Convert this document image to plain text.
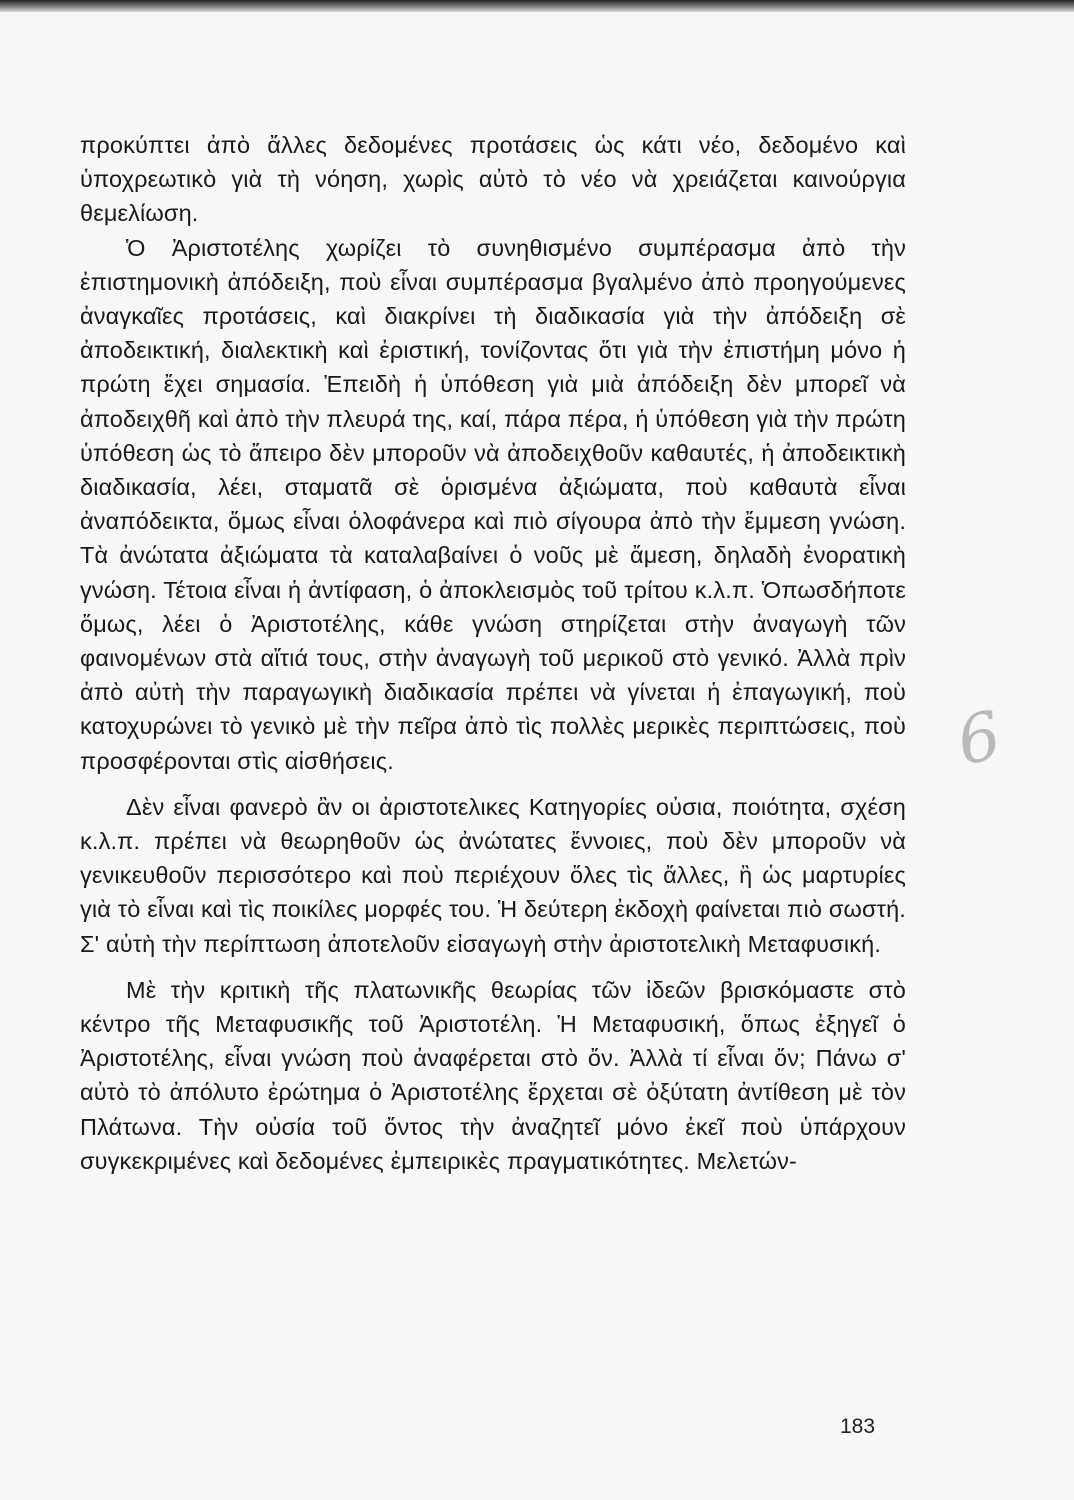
προκύπτει ἀπὸ ἄλλες δεδομένες προτάσεις ὡς κάτι νέο, δεδομένο καὶ ὑποχρεωτικὸ γιὰ τὴ νόηση, χωρὶς αὐτὸ τὸ νέο νὰ χρειάζεται καινούργια θεμελίωση.

Ὁ Ἀριστοτέλης χωρίζει τὸ συνηθισμένο συμπέρασμα ἀπὸ τὴν ἐπιστημονικὴ ἀπόδειξη, ποὺ εἶναι συμπέρασμα βγαλμένο ἀπὸ προηγούμενες ἀναγκαῖες προτάσεις, καὶ διακρίνει τὴ διαδικασία γιὰ τὴν ἀπόδειξη σὲ ἀποδεικτική, διαλεκτικὴ καὶ ἐριστική, τονίζοντας ὅτι γιὰ τὴν ἐπιστήμη μόνο ἡ πρώτη ἔχει σημασία. Ἐπειδὴ ἡ ὑπόθεση γιὰ μιὰ ἀπόδειξη δὲν μπορεῖ νὰ ἀποδειχθῆ καὶ ἀπὸ τὴν πλευρά της, καί, πάρα πέρα, ἡ ὑπόθεση γιὰ τὴν πρώτη ὑπόθεση ὡς τὸ ἄπειρο δὲν μποροῦν νὰ ἀποδειχθοῦν καθαυτές, ἡ ἀποδεικτικὴ διαδικασία, λέει, σταματᾶ σὲ ὁρισμένα ἀξιώματα, ποὺ καθαυτὰ εἶναι ἀναπόδεικτα, ὅμως εἶναι ὁλοφάνερα καὶ πιὸ σίγουρα ἀπὸ τὴν ἔμμεση γνώση. Τὰ ἀνώτατα ἀξιώματα τὰ καταλαβαίνει ὁ νοῦς μὲ ἄμεση, δηλαδὴ ἐνορατικὴ γνώση. Τέτοια εἶναι ἡ ἀντίφαση, ὁ ἀποκλεισμὸς τοῦ τρίτου κ.λ.π. Ὁπωσδήποτε ὅμως, λέει ὁ Ἀριστοτέλης, κάθε γνώση στηρίζεται στὴν ἀναγωγὴ τῶν φαινομένων στὰ αἴτιά τους, στὴν ἀναγωγὴ τοῦ μερικοῦ στὸ γενικό. Ἀλλὰ πρὶν ἀπὸ αὐτὴ τὴν παραγωγικὴ διαδικασία πρέπει νὰ γίνεται ἡ ἐπαγωγική, ποὺ κατοχυρώνει τὸ γενικὸ μὲ τὴν πεῖρα ἀπὸ τὶς πολλὲς μερικὲς περιπτώσεις, ποὺ προσφέρονται στὶς αἰσθήσεις.

Δὲν εἶναι φανερὸ ἂν οι ἀριστοτελικες Κατηγορίες οὐσια, ποιότητα, σχέση κ.λ.π. πρέπει νὰ θεωρηθοῦν ὡς ἀνώτατες ἔννοιες, ποὺ δὲν μποροῦν νὰ γενικευθοῦν περισσότερο καὶ ποὺ περιέχουν ὅλες τὶς ἄλλες, ἢ ὡς μαρτυρίες γιὰ τὸ εἶναι καὶ τὶς ποικίλες μορφές του. Ἡ δεύτερη ἐκδοχὴ φαίνεται πιὸ σωστή. Σ' αὐτὴ τὴν περίπτωση ἀποτελοῦν εἰσαγωγὴ στὴν ἀριστοτελικὴ Μεταφυσική.

Μὲ τὴν κριτικὴ τῆς πλατωνικῆς θεωρίας τῶν ἰδεῶν βρισκόμαστε στὸ κέντρο τῆς Μεταφυσικῆς τοῦ Ἀριστοτέλη. Ἡ Μεταφυσική, ὅπως ἐξηγεῖ ὁ Ἀριστοτέλης, εἶναι γνώση ποὺ ἀναφέρεται στὸ ὄν. Ἀλλὰ τί εἶναι ὄν; Πάνω σ' αὐτὸ τὸ ἀπόλυτο ἐρώτημα ὁ Ἀριστοτέλης ἔρχεται σὲ ὀξύτατη ἀντίθεση μὲ τὸν Πλάτωνα. Τὴν οὐσία τοῦ ὄντος τὴν ἀναζητεῖ μόνο ἐκεῖ ποὺ ὑπάρχουν συγκεκριμένες καὶ δεδομένες ἐμπειρικὲς πραγματικότητες. Μελετών-

6
183
